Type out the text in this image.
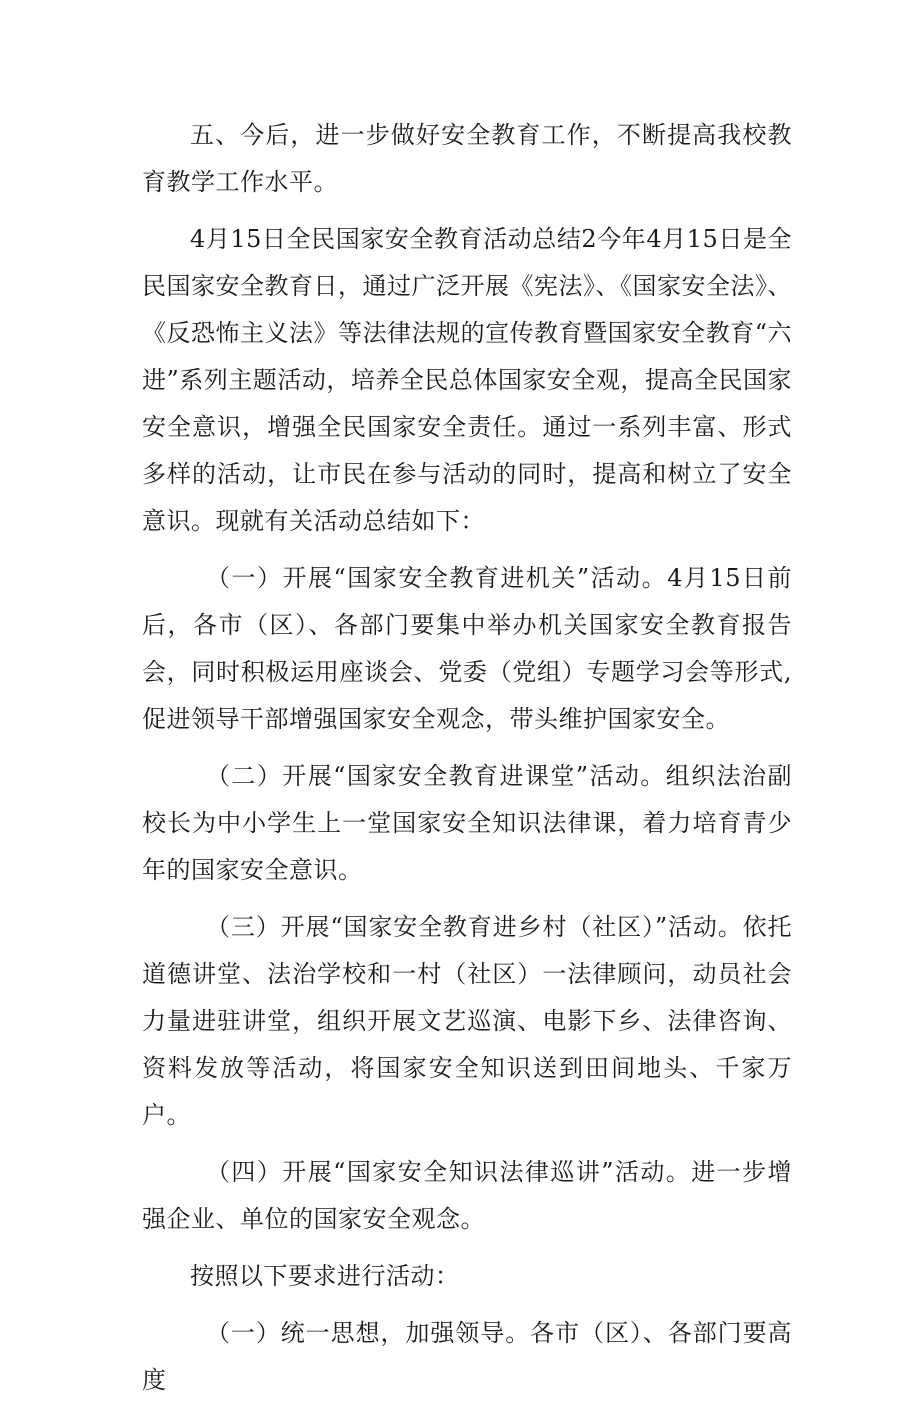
五、今后，进一步做好安全教育工作，不断提高我校教育教学工作水平。

4月15日全民国家安全教育活动总结2今年4月15日是全民国家安全教育日，通过广泛开展《宪法》、《国家安全法》、《反恐怖主义法》等法律法规的宣传教育暨国家安全教育“六进”系列主题活动，培养全民总体国家安全观，提高全民国家安全意识，增强全民国家安全责任。通过一系列丰富、形式多样的活动，让市民在参与活动的同时，提高和树立了安全意识。现就有关活动总结如下：

（一）开展“国家安全教育进机关”活动。4月15日前后，各市（区）、各部门要集中举办机关国家安全教育报告会，同时积极运用座谈会、党委（党组）专题学习会等形式,促进领导干部增强国家安全观念，带头维护国家安全。

（二）开展“国家安全教育进课堂”活动。组织法治副校长为中小学生上一堂国家安全知识法律课，着力培育青少年的国家安全意识。

（三）开展“国家安全教育进乡村（社区）”活动。依托道德讲堂、法治学校和一村（社区）一法律顾问，动员社会力量进驻讲堂，组织开展文艺巡演、电影下乡、法律咨询、资料发放等活动，将国家安全知识送到田间地头、千家万户。

（四）开展“国家安全知识法律巡讲”活动。进一步增强企业、单位的国家安全观念。

按照以下要求进行活动：

（一）统一思想，加强领导。各市（区）、各部门要高度
